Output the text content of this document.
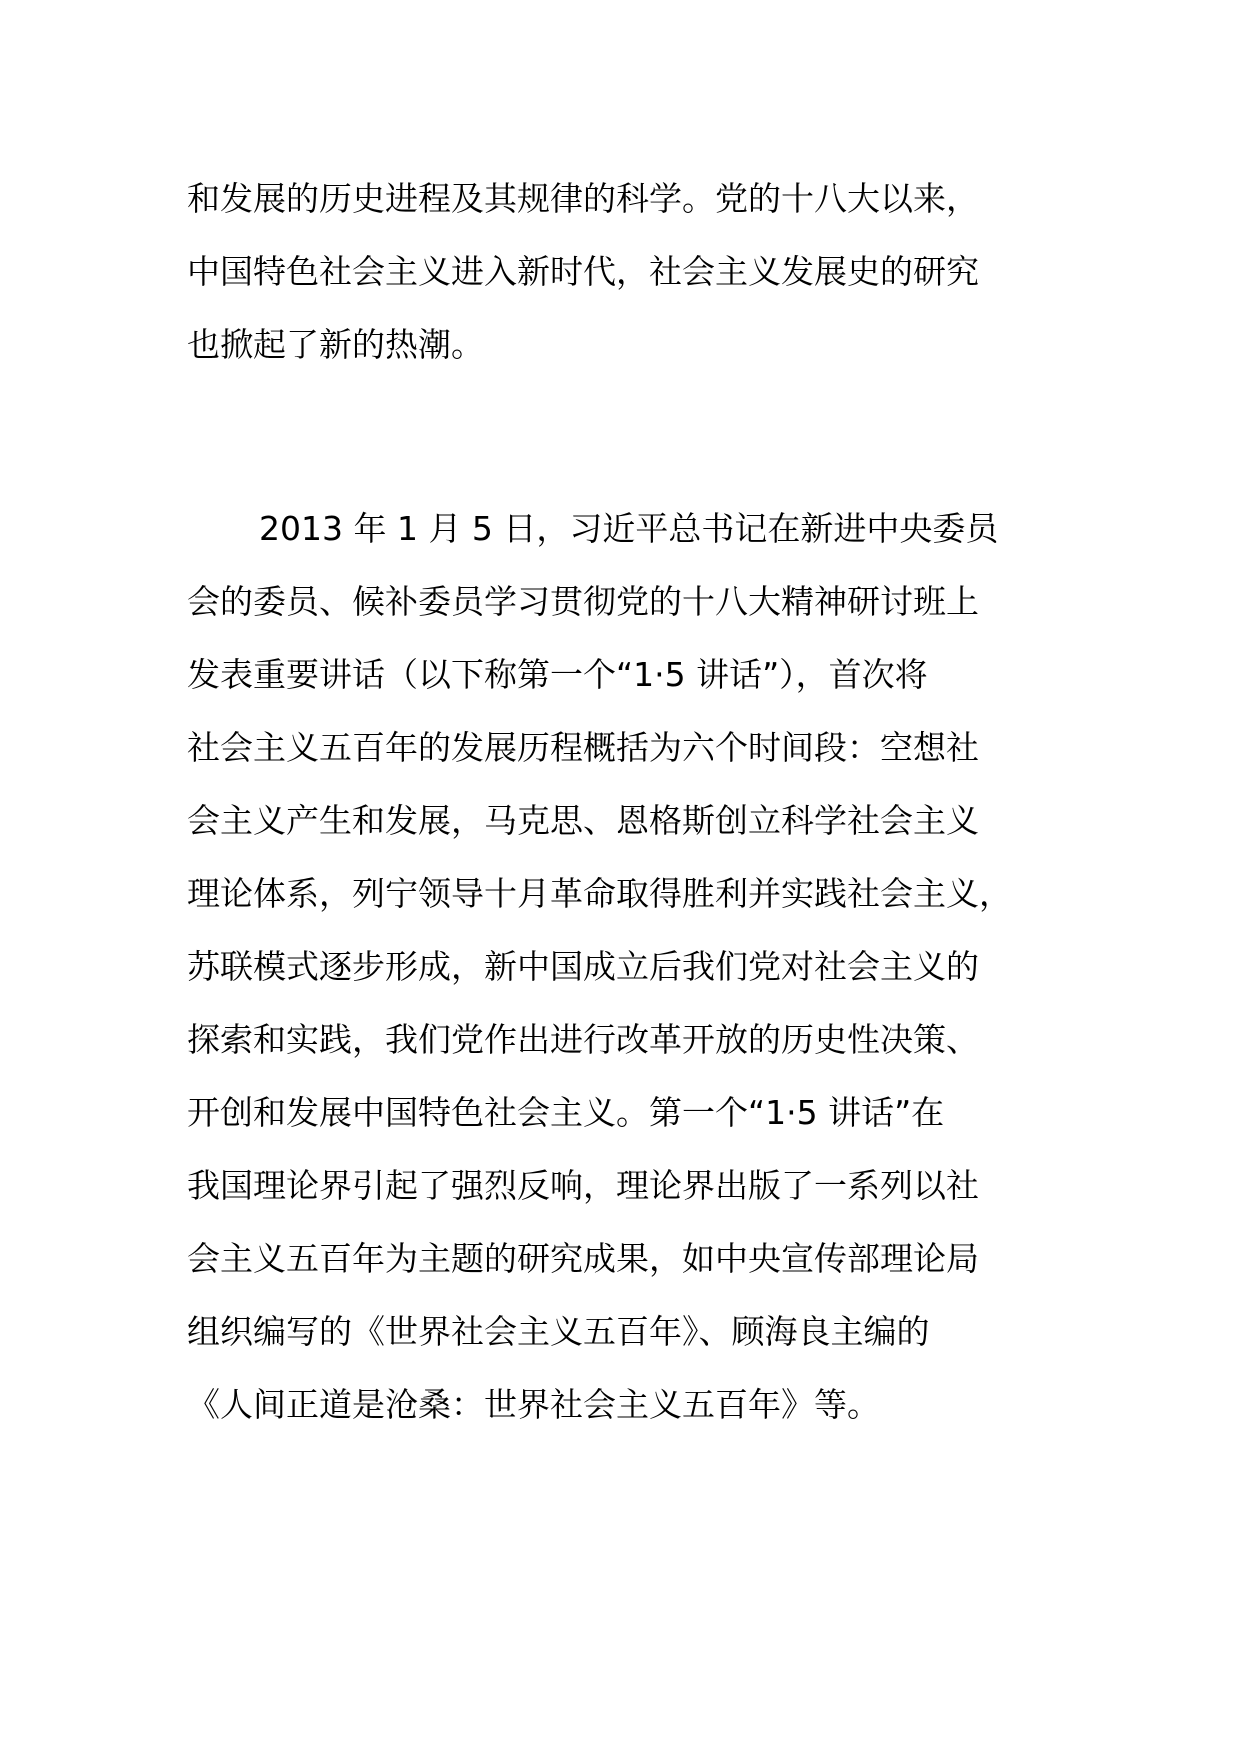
和发展的历史进程及其规律的科学。党的十八大以来，
中国特色社会主义进入新时代，社会主义发展史的研究
也掀起了新的热潮。
2013 年 1 月 5 日，习近平总书记在新进中央委员
会的委员、候补委员学习贯彻党的十八大精神研讨班上
发表重要讲话（以下称第一个“1·5 讲话”），首次将
社会主义五百年的发展历程概括为六个时间段：空想社
会主义产生和发展，马克思、恩格斯创立科学社会主义
理论体系，列宁领导十月革命取得胜利并实践社会主义，
苏联模式逐步形成，新中国成立后我们党对社会主义的
探索和实践，我们党作出进行改革开放的历史性决策、
开创和发展中国特色社会主义。第一个“1·5 讲话”在
我国理论界引起了强烈反响，理论界出版了一系列以社
会主义五百年为主题的研究成果，如中央宣传部理论局
组织编写的《世界社会主义五百年》、顾海良主编的
《人间正道是沧桑：世界社会主义五百年》等。
